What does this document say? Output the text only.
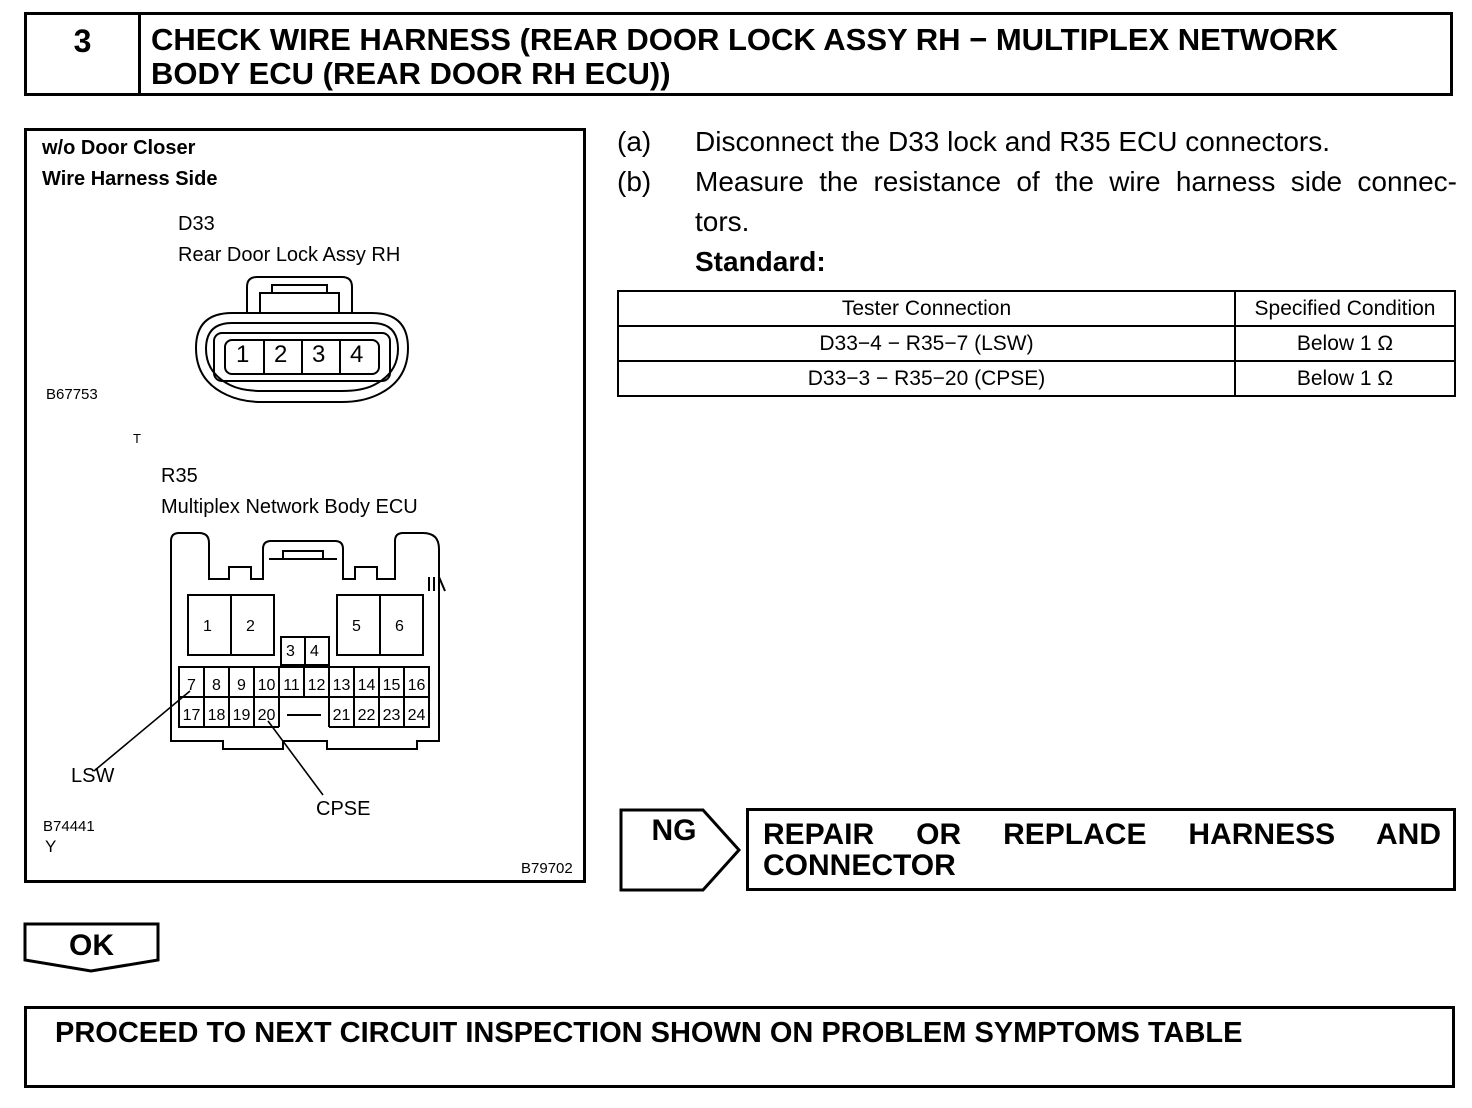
3	CHECK WIRE HARNESS (REAR DOOR LOCK ASSY RH − MULTIPLEX NETWORK
BODY ECU (REAR DOOR RH ECU))
w/o Door Closer
Wire Harness Side
D33
Rear Door Lock Assy RH
1 2 3 4
B67753
T
R35
Multiplex Network Body ECU
1 2	5 6
3 4
7	8	9 10 11 12 13 14 15 16
17 18 19 20	21 22 23 24
LSW
CPSE
B74441
Y
B79702
(a) Disconnect the D33 lock and R35 ECU connectors.
(b) Measure the resistance of the wire harness side connec-
tors.
Standard:
Tester Connection	Specified Condition
D33−4 − R35−7 (LSW)	Below 1 Ω
D33−3 − R35−20 (CPSE)	Below 1 Ω
NG	REPAIR OR REPLACE HARNESS AND
CONNECTOR
OK
PROCEED TO NEXT CIRCUIT INSPECTION SHOWN ON PROBLEM SYMPTOMS TABLE
